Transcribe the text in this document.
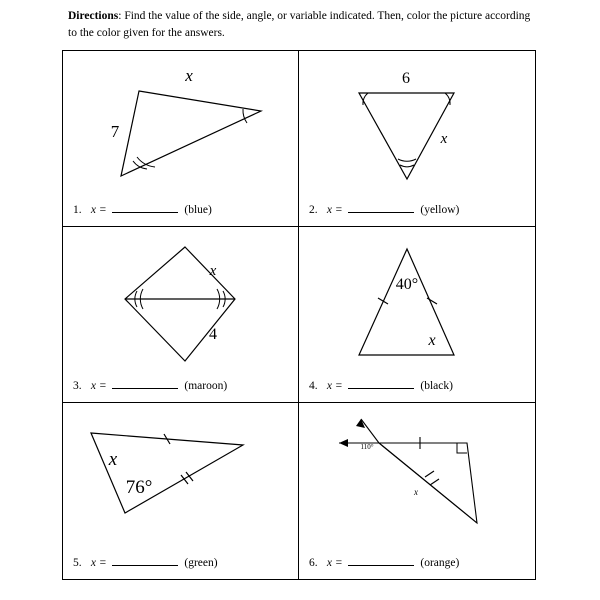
Directions: Find the value of the side, angle, or variable indicated. Then, color the picture according to the color given for the answers.
x
7
1. x =	(blue)
6
x
2. x =	(yellow)
x
4
3. x =	(maroon)
40°
x
4. x =	(black)
x
76°
5. x =	(green)
110°
x
6. x =	(orange)
